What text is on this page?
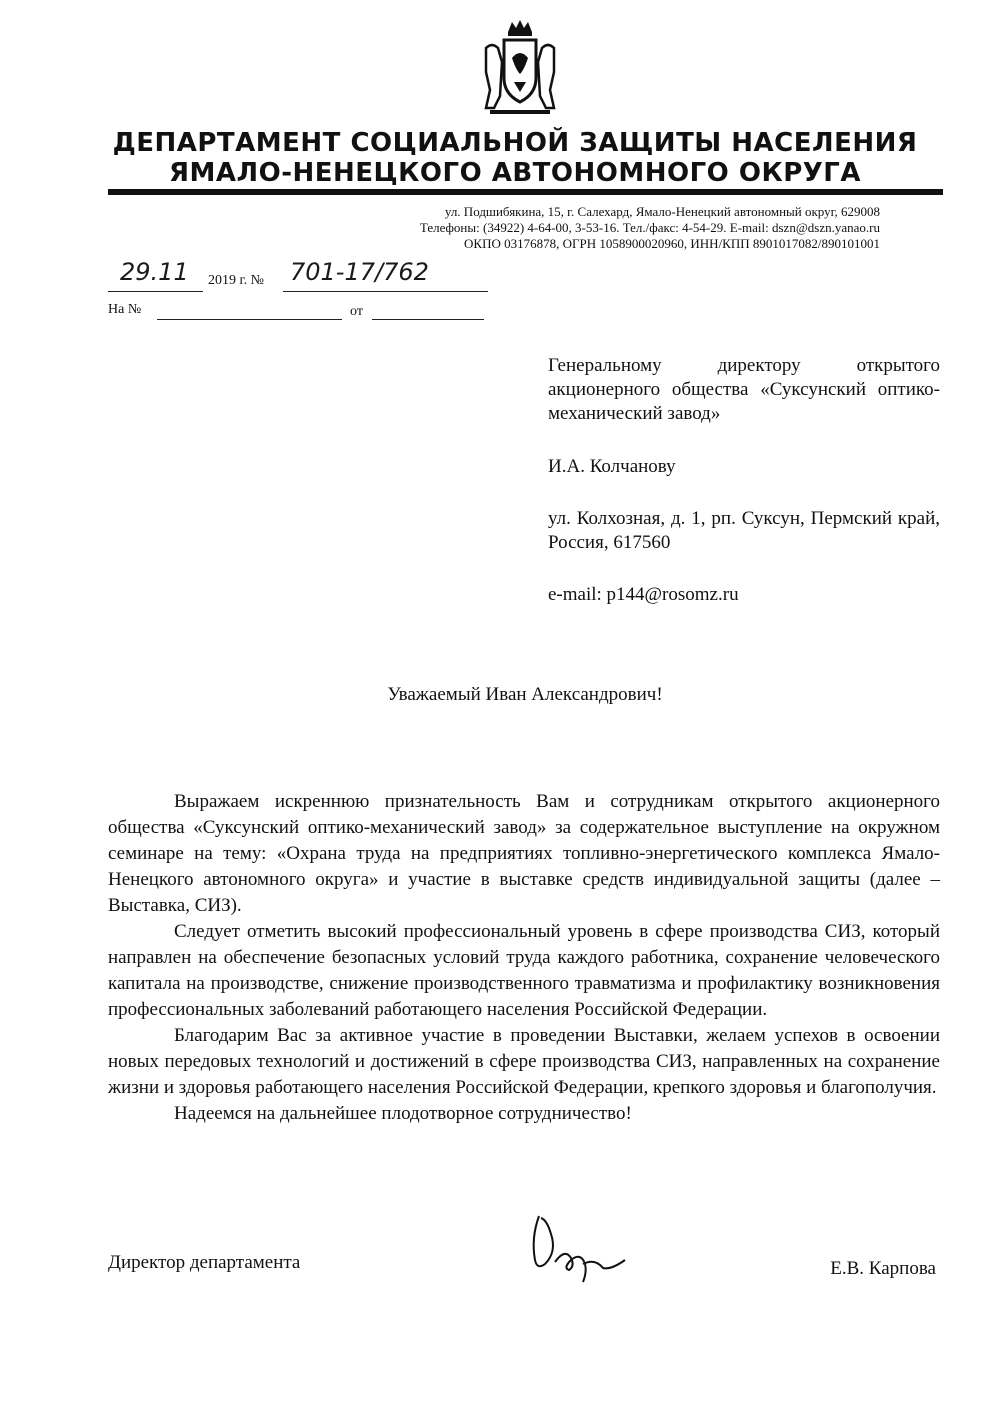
ДЕПАРТАМЕНТ СОЦИАЛЬНОЙ ЗАЩИТЫ НАСЕЛЕНИЯ
ЯМАЛО-НЕНЕЦКОГО АВТОНОМНОГО ОКРУГА
ул. Подшибякина, 15, г. Салехард, Ямало-Ненецкий автономный округ, 629008
Телефоны: (34922) 4-64-00, 3-53-16. Тел./факс: 4-54-29. E-mail: dszn@dszn.yanao.ru
ОКПО 03176878, ОГРН 1058900020960, ИНН/КПП 8901017082/890101001
29.11 2019 г. № 701-17/762
На №	от
Генеральному директору открытого акционерного общества «Суксунский оптико-механический завод»
И.А. Колчанову
ул. Колхозная, д. 1, рп. Суксун, Пермский край, Россия, 617560
e-mail: p144@rosomz.ru
Уважаемый Иван Александрович!

Выражаем искреннюю признательность Вам и сотрудникам открытого акционерного общества «Суксунский оптико-механический завод» за содержательное выступление на окружном семинаре на тему: «Охрана труда на предприятиях топливно-энергетического комплекса Ямало-Ненецкого автономного округа» и участие в выставке средств индивидуальной защиты (далее – Выставка, СИЗ).

Следует отметить высокий профессиональный уровень в сфере производства СИЗ, который направлен на обеспечение безопасных условий труда каждого работника, сохранение человеческого капитала на производстве, снижение производственного травматизма и профилактику возникновения профессиональных заболеваний работающего населения Российской Федерации.

Благодарим Вас за активное участие в проведении Выставки, желаем успехов в освоении новых передовых технологий и достижений в сфере производства СИЗ, направленных на сохранение жизни и здоровья работающего населения Российской Федерации, крепкого здоровья и благополучия.

Надеемся на дальнейшее плодотворное сотрудничество!

Директор департамента	Е.В. Карпова
